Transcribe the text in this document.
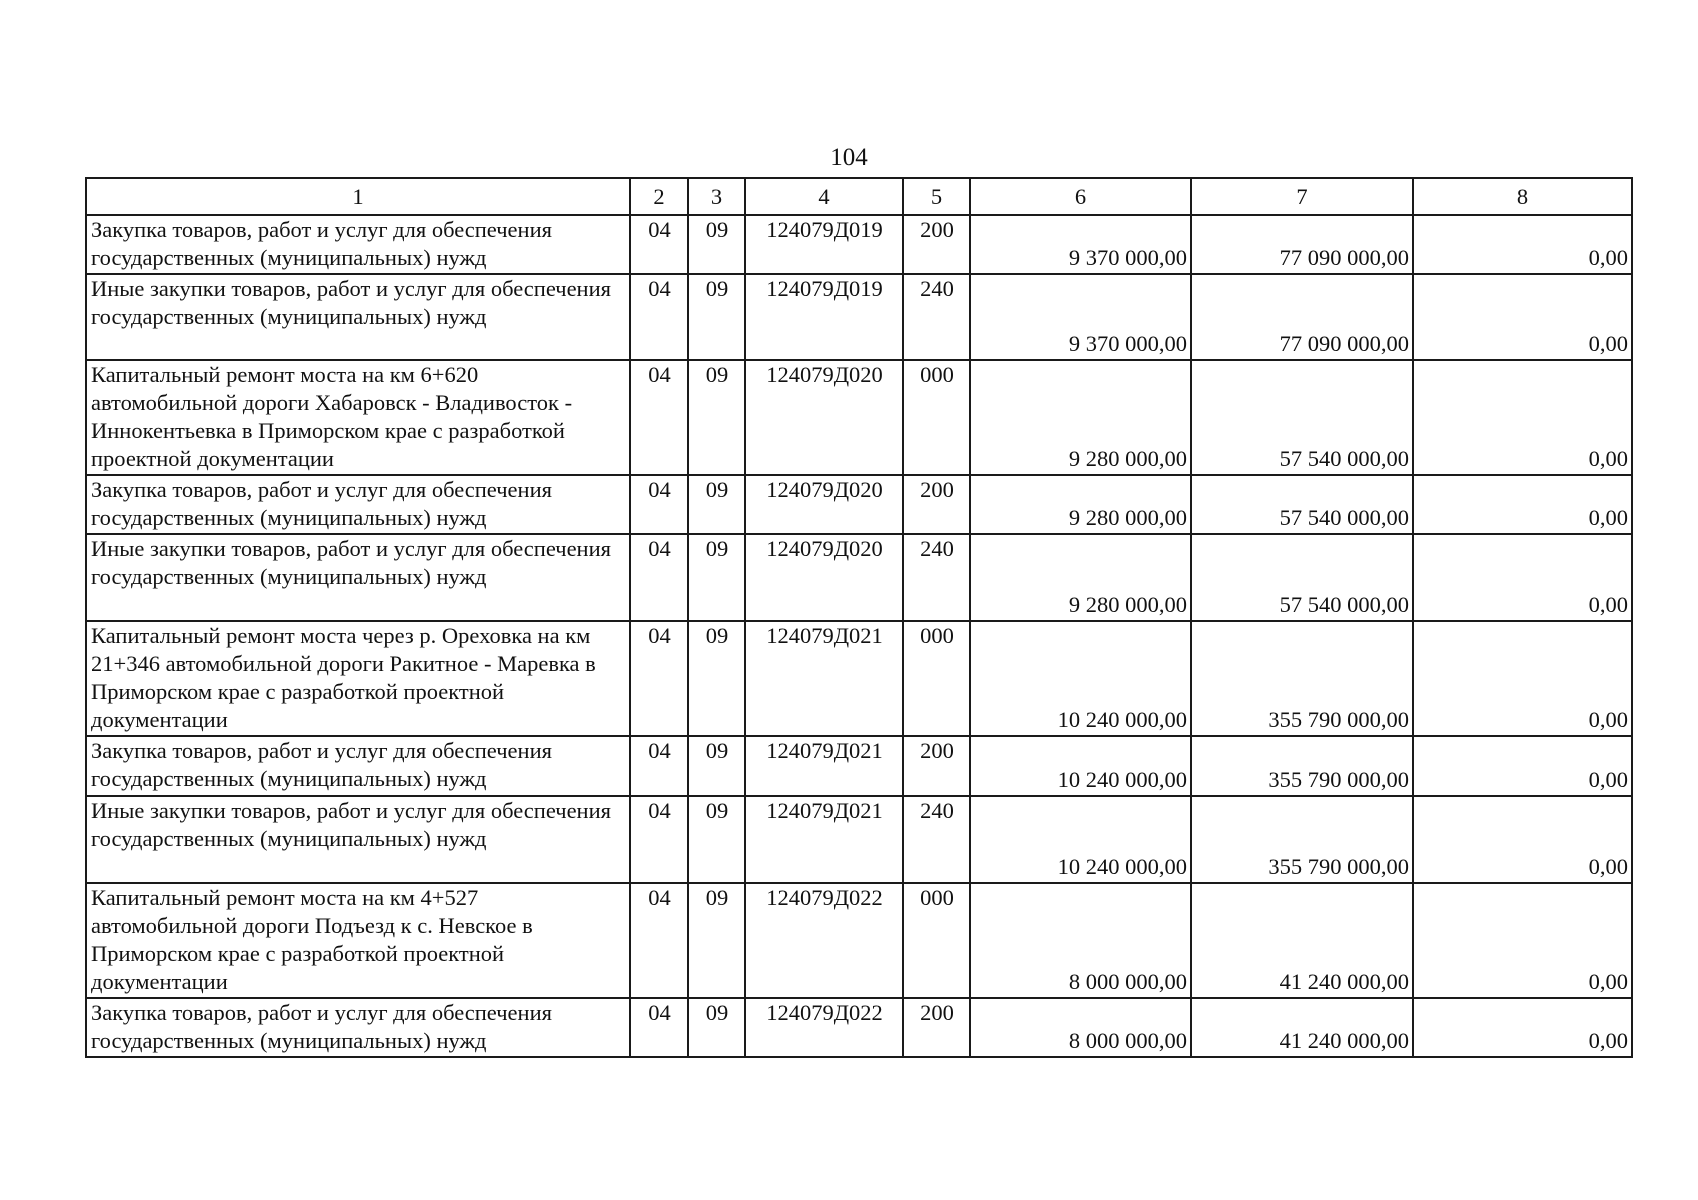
104
1	2	3	4	5	6	7	8
Закупка товаров, работ и услуг для обеспечения государственных (муниципальных) нужд	04	09	124079Д019	200	9 370 000,00	77 090 000,00	0,00
Иные закупки товаров, работ и услуг для обеспечения государственных (муниципальных) нужд	04	09	124079Д019	240	9 370 000,00	77 090 000,00	0,00
Капитальный ремонт моста на км 6+620 автомобильной дороги Хабаровск - Владивосток - Иннокентьевка в Приморском крае с разработкой проектной документации	04	09	124079Д020	000	9 280 000,00	57 540 000,00	0,00
Закупка товаров, работ и услуг для обеспечения государственных (муниципальных) нужд	04	09	124079Д020	200	9 280 000,00	57 540 000,00	0,00
Иные закупки товаров, работ и услуг для обеспечения государственных (муниципальных) нужд	04	09	124079Д020	240	9 280 000,00	57 540 000,00	0,00
Капитальный ремонт моста через р. Ореховка на км 21+346 автомобильной дороги Ракитное - Маревка в Приморском крае с разработкой проектной документации	04	09	124079Д021	000	10 240 000,00	355 790 000,00	0,00
Закупка товаров, работ и услуг для обеспечения государственных (муниципальных) нужд	04	09	124079Д021	200	10 240 000,00	355 790 000,00	0,00
Иные закупки товаров, работ и услуг для обеспечения государственных (муниципальных) нужд	04	09	124079Д021	240	10 240 000,00	355 790 000,00	0,00
Капитальный ремонт моста на км 4+527 автомобильной дороги Подъезд к с. Невское в Приморском крае с разработкой проектной документации	04	09	124079Д022	000	8 000 000,00	41 240 000,00	0,00
Закупка товаров, работ и услуг для обеспечения государственных (муниципальных) нужд	04	09	124079Д022	200	8 000 000,00	41 240 000,00	0,00
